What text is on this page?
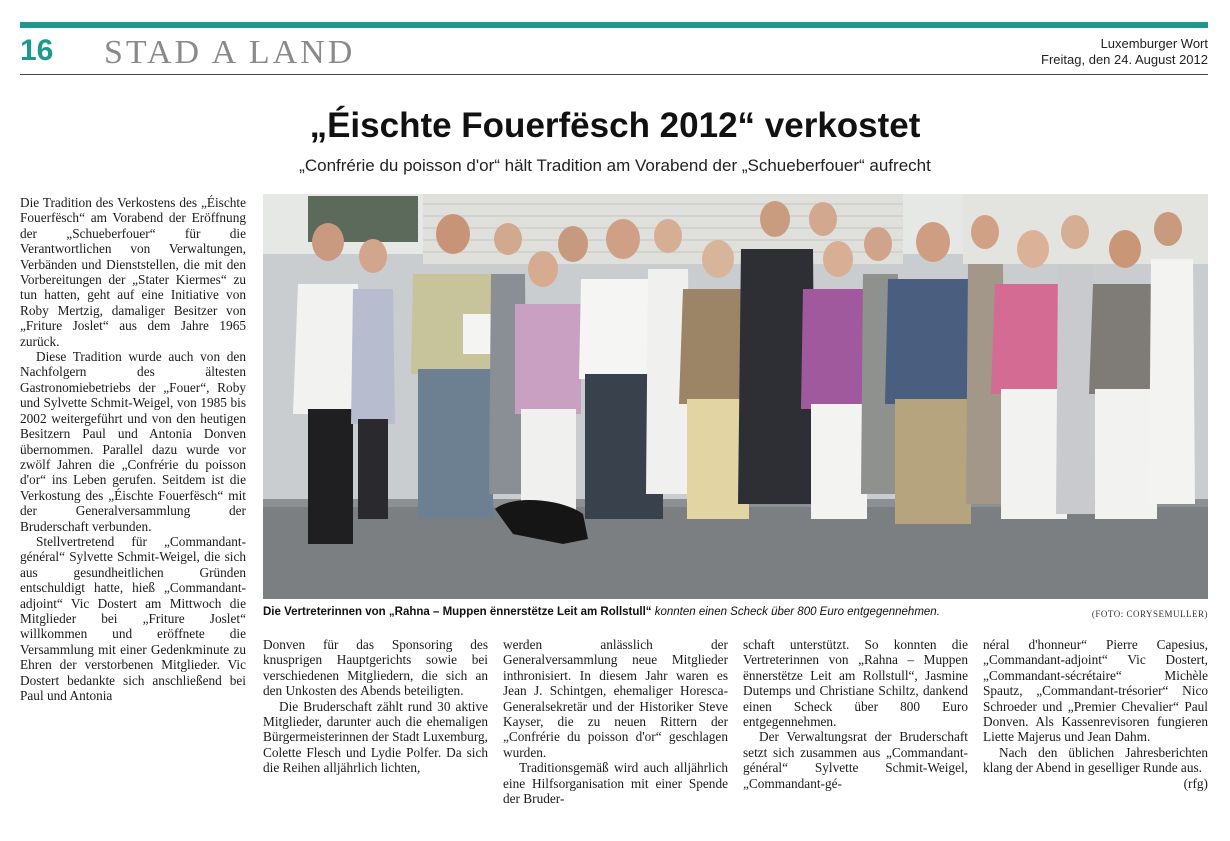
16 STAD A LAND	Luxemburger Wort
Freitag, den 24. August 2012
„Éischte Fouerfësch 2012“ verkostet
„Confrérie du poisson d'or“ hält Tradition am Vorabend der „Schueberfouer“ aufrecht

Die Tradition des Verkostens des „Éischte Fouerfësch“ am Vorabend der Eröffnung der „Schueberfouer“ für die Verantwortlichen von Verwaltungen, Verbänden und Dienststellen, die mit den Vorbereitungen der „Stater Kiermes“ zu tun hatten, geht auf eine Initiative von Roby Mertzig, damaliger Besitzer von „Friture Joslet“ aus dem Jahre 1965 zurück.

Diese Tradition wurde auch von den Nachfolgern des ältesten Gastronomiebetriebs der „Fouer“, Roby und Sylvette Schmit-Weigel, von 1985 bis 2002 weitergeführt und von den heutigen Besitzern Paul und Antonia Donven übernommen. Parallel dazu wurde vor zwölf Jahren die „Confrérie du poisson d'or“ ins Leben gerufen. Seitdem ist die Verkostung des „Éischte Fouerfësch“ mit der Generalversammlung der Bruderschaft verbunden.

Stellvertretend für „Commandant-général“ Sylvette Schmit-Weigel, die sich aus gesundheitlichen Gründen entschuldigt hatte, hieß „Commandant-adjoint“ Vic Dostert am Mittwoch die Mitglieder bei „Friture Joslet“ willkommen und eröffnete die Versammlung mit einer Gedenkminute zu Ehren der verstorbenen Mitglieder. Vic Dostert bedankte sich anschließend bei Paul und Antonia

Die Vertreterinnen von „Rahna – Muppen ënnerstëtze Leit am Rollstull“ konnten einen Scheck über 800 Euro entgegennehmen.	(FOTO: CORYSEMULLER)

Donven für das Sponsoring des knusprigen Hauptgerichts sowie bei verschiedenen Mitgliedern, die sich an den Unkosten des Abends beteiligten.

Die Bruderschaft zählt rund 30 aktive Mitglieder, darunter auch die ehemaligen Bürgermeisterinnen der Stadt Luxemburg, Colette Flesch und Lydie Polfer. Da sich die Reihen alljährlich lichten,

werden anlässlich der Generalversammlung neue Mitglieder inthronisiert. In diesem Jahr waren es Jean J. Schintgen, ehemaliger Horesca-Generalsekretär und der Historiker Steve Kayser, die zu neuen Rittern der „Confrérie du poisson d'or“ geschlagen wurden.

Traditionsgemäß wird auch alljährlich eine Hilfsorganisation mit einer Spende der Bruder-

schaft unterstützt. So konnten die Vertreterinnen von „Rahna – Muppen ënnerstëtze Leit am Rollstull“, Jasmine Dutemps und Christiane Schiltz, dankend einen Scheck über 800 Euro entgegennehmen.

Der Verwaltungsrat der Bruderschaft setzt sich zusammen aus „Commandant-général“ Sylvette Schmit-Weigel, „Commandant-gé-

néral d'honneur“ Pierre Capesius, „Commandant-adjoint“ Vic Dostert, „Commandant-sécrétaire“ Michèle Spautz, „Commandant-trésorier“ Nico Schroeder und „Premier Chevalier“ Paul Donven. Als Kassenrevisoren fungieren Liette Majerus und Jean Dahm.

Nach den üblichen Jahresberichten klang der Abend in geselliger Runde aus.
(rfg)
